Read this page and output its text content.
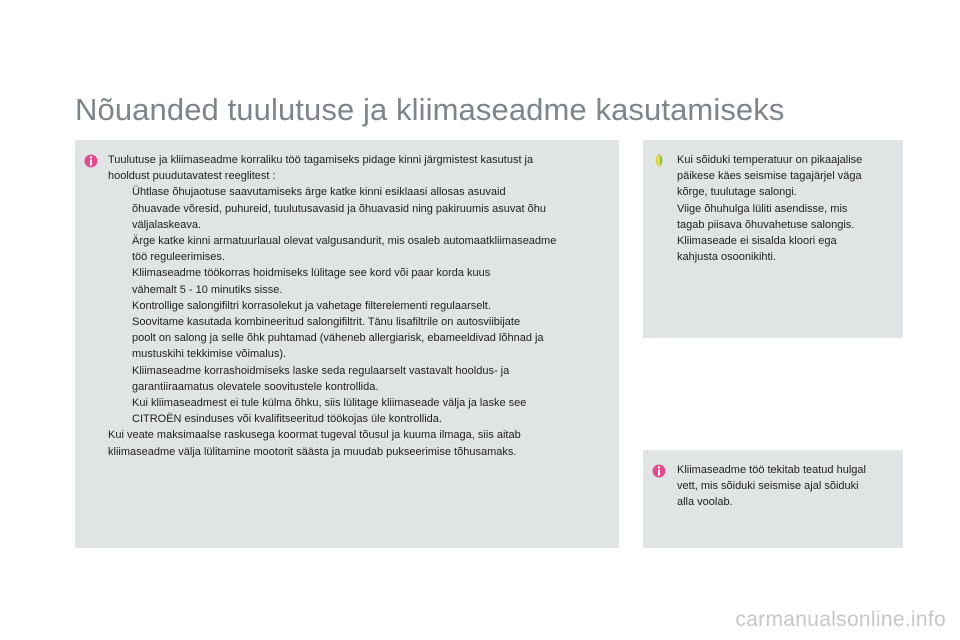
Nõuanded tuulutuse ja kliimaseadme kasutamiseks
Tuulutuse ja kliimaseadme korraliku töö tagamiseks pidage kinni järgmistest kasutust ja
hooldust puudutavatest reeglitest :
Ühtlase õhujaotuse saavutamiseks ärge katke kinni esiklaasi allosas asuvaid
õhuavade võresid, puhureid, tuulutusavasid ja õhuavasid ning pakiruumis asuvat õhu
väljalaskeava.
Ärge katke kinni armatuurlaual olevat valgusandurit, mis osaleb automaatkliimaseadme
töö reguleerimises.
Kliimaseadme töökorras hoidmiseks lülitage see kord või paar korda kuus
vähemalt 5 - 10 minutiks sisse.
Kontrollige salongifiltri korrasolekut ja vahetage filterelementi regulaarselt.
Soovitame kasutada kombineeritud salongifiltrit. Tänu lisafiltrile on autosviibijate
poolt on salong ja selle õhk puhtamad (väheneb allergiarisk, ebameeldivad lõhnad ja
mustuskihi tekkimise võimalus).
Kliimaseadme korrashoidmiseks laske seda regulaarselt vastavalt hooldus- ja
garantiiraamatus olevatele soovitustele kontrollida.
Kui kliimaseadmest ei tule külma õhku, siis lülitage kliimaseade välja ja laske see
CITROËN esinduses või kvalifitseeritud töökojas üle kontrollida.
Kui veate maksimaalse raskusega koormat tugeval tõusul ja kuuma ilmaga, siis aitab
kliimaseadme välja lülitamine mootorit säästa ja muudab pukseerimise tõhusamaks.
Kui sõiduki temperatuur on pikaajalise
päikese käes seismise tagajärjel väga
kõrge, tuulutage salongi.
Viige õhuhulga lüliti asendisse, mis
tagab piisava õhuvahetuse salongis.
Kliimaseade ei sisalda kloori ega
kahjusta osoonikihti.
Kliimaseadme töö tekitab teatud hulgal
vett, mis sõiduki seismise ajal sõiduki
alla voolab.
carmanualsonline.info
